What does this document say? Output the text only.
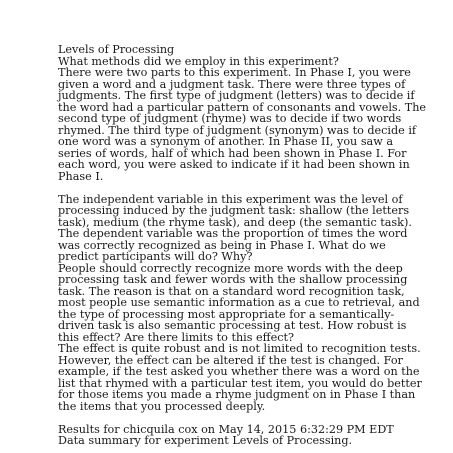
Levels of Processing
What methods did we employ in this experiment?
There were two parts to this experiment. In Phase I, you were
given a word and a judgment task. There were three types of
judgments. The first type of judgment (letters) was to decide if
the word had a particular pattern of consonants and vowels. The
second type of judgment (rhyme) was to decide if two words
rhymed. The third type of judgment (synonym) was to decide if
one word was a synonym of another. In Phase II, you saw a
series of words, half of which had been shown in Phase I. For
each word, you were asked to indicate if it had been shown in
Phase I.
The independent variable in this experiment was the level of
processing induced by the judgment task: shallow (the letters
task), medium (the rhyme task), and deep (the semantic task).
The dependent variable was the proportion of times the word
was correctly recognized as being in Phase I. What do we
predict participants will do? Why?
People should correctly recognize more words with the deep
processing task and fewer words with the shallow processing
task. The reason is that on a standard word recognition task,
most people use semantic information as a cue to retrieval, and
the type of processing most appropriate for a semantically-
driven task is also semantic processing at test. How robust is
this effect? Are there limits to this effect?
The effect is quite robust and is not limited to recognition tests.
However, the effect can be altered if the test is changed. For
example, if the test asked you whether there was a word on the
list that rhymed with a particular test item, you would do better
for those items you made a rhyme judgment on in Phase I than
the items that you processed deeply.
Results for chicquila cox on May 14, 2015 6:32:29 PM EDT
Data summary for experiment Levels of Processing.
